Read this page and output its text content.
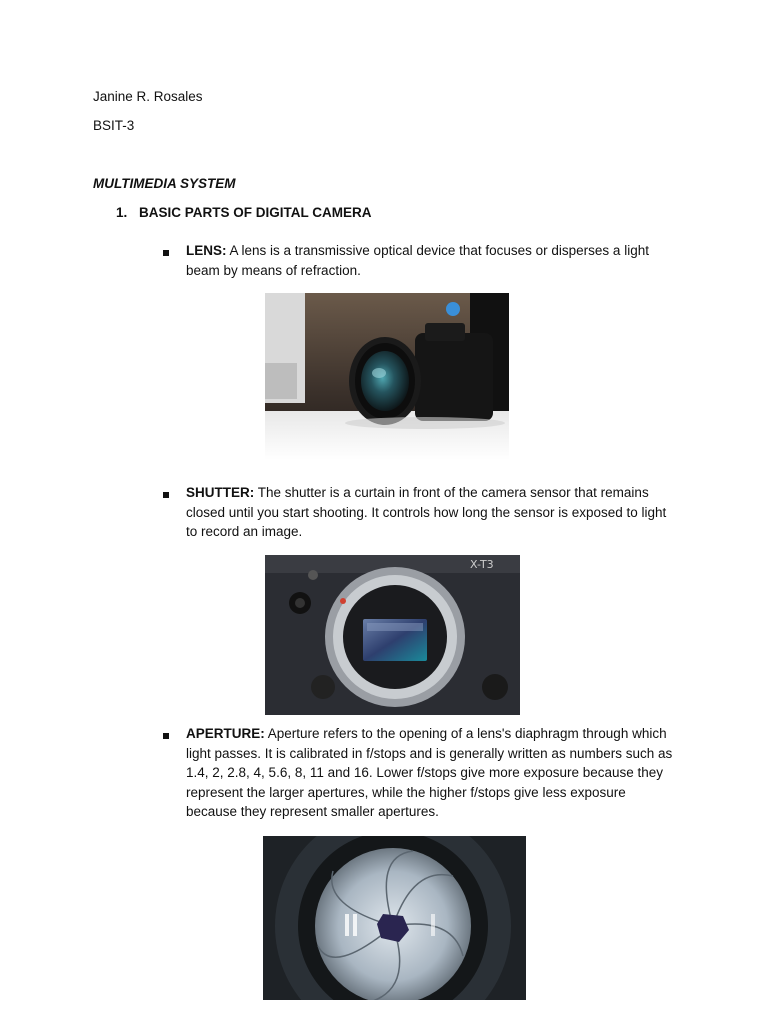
Janine R. Rosales
BSIT-3
MULTIMEDIA SYSTEM
1. BASIC PARTS OF DIGITAL CAMERA
LENS: A lens is a transmissive optical device that focuses or disperses a light beam by means of refraction.
SHUTTER: The shutter is a curtain in front of the camera sensor that remains closed until you start shooting. It controls how long the sensor is exposed to light to record an image.
X-T3
APERTURE: Aperture refers to the opening of a lens's diaphragm through which light passes. It is calibrated in f/stops and is generally written as numbers such as 1.4, 2, 2.8, 4, 5.6, 8, 11 and 16. Lower f/stops give more exposure because they represent the larger apertures, while the higher f/stops give less exposure because they represent smaller apertures.
